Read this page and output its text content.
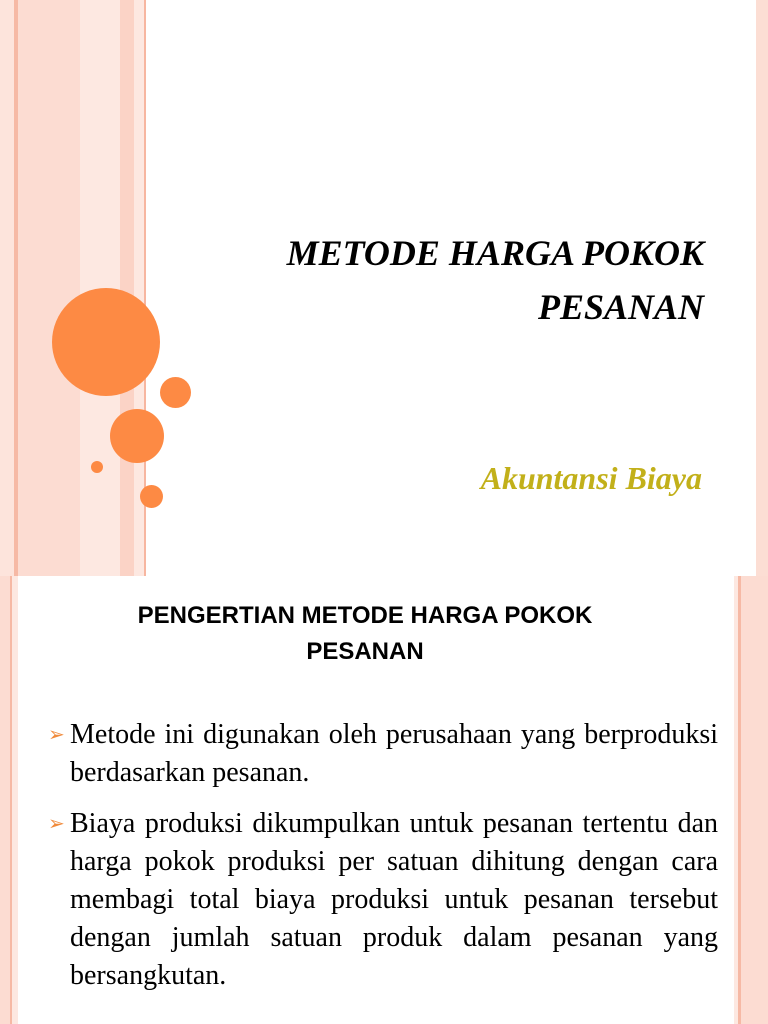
METODE HARGA POKOK
PESANAN
Akuntansi Biaya
PENGERTIAN METODE HARGA POKOK
PESANAN
➢ Metode ini digunakan oleh perusahaan yang berproduksi berdasarkan pesanan.
➢ Biaya produksi dikumpulkan untuk pesanan tertentu dan harga pokok produksi per satuan dihitung dengan cara membagi total biaya produksi untuk pesanan tersebut dengan jumlah satuan produk dalam pesanan yang bersangkutan.
